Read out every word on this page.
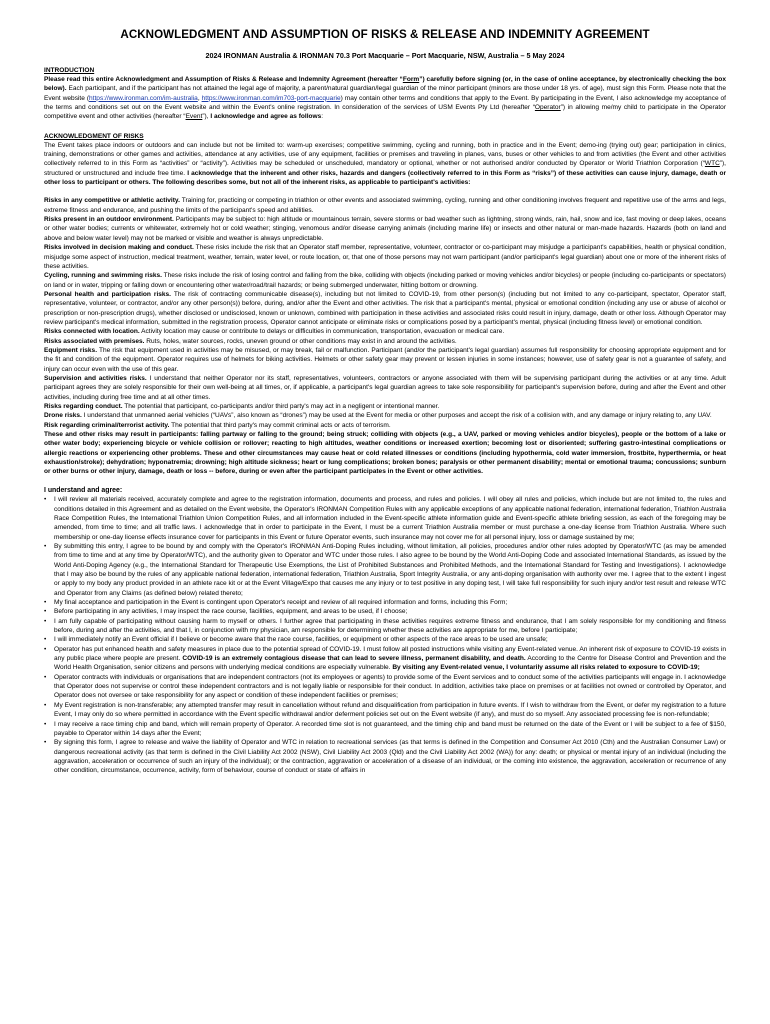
ACKNOWLEDGMENT AND ASSUMPTION OF RISKS & RELEASE AND INDEMNITY AGREEMENT
2024 IRONMAN Australia & IRONMAN 70.3 Port Macquarie – Port Macquarie, NSW, Australia – 5 May 2024
INTRODUCTION

Please read this entire Acknowledgment and Assumption of Risks & Release and Indemnity Agreement (hereafter “Form”) carefully before signing (or, in the case of online acceptance, by electronically checking the box below). Each participant, and if the participant has not attained the legal age of majority, a parent/natural guardian/legal guardian of the minor participant (minors are those under 18 yrs. of age), must sign this Form. Please note that the Event website (https://www.ironman.com/im-australia, https://www.ironman.com/im703-port-macquarie) may contain other terms and conditions that apply to the Event. By participating in the Event, I also acknowledge my acceptance of the terms and conditions set out on the Event website and within the Event's online registration. In consideration of the services of USM Events Pty Ltd (hereafter “Operator”) in allowing me/my child to participate in the Operator competitive event and other activities (hereafter “Event”), I acknowledge and agree as follows:

ACKNOWLEDGMENT OF RISKS

The Event takes place indoors or outdoors and can include but not be limited to: warm-up exercises; competitive swimming, cycling and running, both in practice and in the Event; demo-ing (trying out) gear; participation in clinics, training, demonstrations or other games and activities, attendance at any activities, use of any equipment, facilities or premises and traveling in planes, vans, buses or other vehicles to and from activities (the Event and other activities collectively referred to in this Form as “activities” or “activity”). Activities may be scheduled or unscheduled, mandatory or optional, whether or not authorised and/or conducted by Operator or World Triathlon Corporation (“WTC”), structured or unstructured and include free time. I acknowledge that the inherent and other risks, hazards and dangers (collectively referred to in this Form as “risks”) of these activities can cause injury, damage, death or other loss to participant or others. The following describes some, but not all of the inherent risks, as applicable to participant's activities:

Risks in any competitive or athletic activity. Training for, practicing or competing in triathlon or other events and associated swimming, cycling, running and other conditioning involves frequent and repetitive use of the arms and legs, extreme fitness and endurance, and pushing the limits of the participant's speed and abilities.

Risks present in an outdoor environment. Participants may be subject to: high altitude or mountainous terrain, severe storms or bad weather such as lightning, strong winds, rain, hail, snow and ice, fast moving or deep lakes, oceans or other water bodies; currents or whitewater, extremely hot or cold weather; stinging, venomous and/or disease carrying animals (including marine life) or insects and other natural or man-made hazards. Hazards (both on land and above and below water level) may not be marked or visible and weather is always unpredictable.

Risks involved in decision making and conduct. These risks include the risk that an Operator staff member, representative, volunteer, contractor or co-participant may misjudge a participant's capabilities, health or physical condition, misjudge some aspect of instruction, medical treatment, weather, terrain, water level, or route location, or, that one of those persons may not warn participant (and/or participant's legal guardian) about one or more of the inherent risks of these activities.

Cycling, running and swimming risks. These risks include the risk of losing control and falling from the bike, colliding with objects (including parked or moving vehicles and/or bicycles) or people (including co-participants or spectators) on land or in water, tripping or falling down or encountering other water/road/trail hazards; or being submerged underwater, hitting bottom or drowning.

Personal health and participation risks. The risk of contracting communicable disease(s), including but not limited to COVID-19, from other person(s) (including but not limited to any co-participant, spectator, Operator staff, representative, volunteer, or contractor, and/or any other person(s)) before, during, and/or after the Event and other activities. The risk that a participant's mental, physical or emotional condition (including any use or abuse of alcohol or prescription or non-prescription drugs), whether disclosed or undisclosed, known or unknown, combined with participation in these activities and associated risks could result in injury, damage, death or other loss. Although Operator may review participant's medical information, submitted in the registration process, Operator cannot anticipate or eliminate risks or complications posed by a participant's mental, physical (including fitness level) or emotional condition.

Risks connected with location. Activity location may cause or contribute to delays or difficulties in communication, transportation, evacuation or medical care.

Risks associated with premises. Ruts, holes, water sources, rocks, uneven ground or other conditions may exist in and around the activities.

Equipment risks. The risk that equipment used in activities may be misused, or may break, fail or malfunction. Participant (and/or the participant's legal guardian) assumes full responsibility for choosing appropriate equipment and for the fit and condition of the equipment. Operator requires use of helmets for biking activities. Helmets or other safety gear may prevent or lessen injuries in some instances; however, use of safety gear is not a guarantee of safety, and injury can occur even with the use of this gear.

Supervision and activities risks. I understand that neither Operator nor its staff, representatives, volunteers, contractors or anyone associated with them will be supervising participant during the activities or at any time. Adult participant agrees they are solely responsible for their own well-being at all times, or, if applicable, a participant's legal guardian agrees to take sole responsibility for participant's supervision before, during and after the Event and other activities, including during free time and at all other times.

Risks regarding conduct. The potential that participant, co-participants and/or third party's may act in a negligent or intentional manner.

Drone risks. I understand that unmanned aerial vehicles (“UAVs”, also known as “drones”) may be used at the Event for media or other purposes and accept the risk of a collision with, and any damage or injury relating to, any UAV.

Risk regarding criminal/terrorist activity. The potential that third party's may commit criminal acts or acts of terrorism.

These and other risks may result in participants: falling partway or falling to the ground; being struck; colliding with objects (e.g., a UAV, parked or moving vehicles and/or bicycles), people or the bottom of a lake or other water body; experiencing bicycle or vehicle collision or rollover; reacting to high altitudes, weather conditions or increased exertion; becoming lost or disoriented; suffering gastro-intestinal complications or allergic reactions or experiencing other problems. These and other circumstances may cause heat or cold related illnesses or conditions (including hypothermia, cold water immersion, frostbite, hyperthermia, or heat exhaustion/stroke); dehydration; hyponatremia; drowning; high altitude sickness; heart or lung complications; broken bones; paralysis or other permanent disability; mental or emotional trauma; concussions; sunburn or other burns or other injury, damage, death or loss -- before, during or even after the participant participates in the Event or other activities.

I understand and agree:
• I will review all materials received, accurately complete and agree to the registration information, documents and process, and rules and policies. I will obey all rules and policies, which include but are not limited to, the rules and conditions detailed in this Agreement and as detailed on the Event website, the Operator's IRONMAN Competition Rules with any applicable exceptions of any applicable national federation, international federation, Triathlon Australia Race Competition Rules, the International Triathlon Union Competition Rules, and all information included in the Event-specific athlete information guide and Event-specific athlete briefing session, as each of the foregoing may be amended, from time to time; and all traffic laws. I acknowledge that in order to participate in the Event, I must be a current Triathlon Australia member or must purchase a one-day license from Triathlon Australia. Where such membership or one-day license effects insurance cover for participants in this Event or future Operator events, such insurance may not cover me for all personal injury, loss or damage sustained by me;
• By submitting this entry, I agree to be bound by and comply with the Operator's IRONMAN Anti-Doping Rules including, without limitation, all policies, procedures and/or other rules adopted by Operator/WTC (as may be amended from time to time and at any time by Operator/WTC), and the authority given to Operator and WTC under those rules. I also agree to be bound by the World Anti-Doping Code and associated International Standards, as issued by the World Anti-Doping Agency (e.g., the International Standard for Therapeutic Use Exemptions, the List of Prohibited Substances and Prohibited Methods, and the International Standard for Testing and Investigations). I acknowledge that I may also be bound by the rules of any applicable national federation, international federation, Triathlon Australia, Sport Integrity Australia, or any anti-doping organisation with authority over me. I agree that to the extent I ingest or apply to my body any product provided in an athlete race kit or at the Event Village/Expo that causes me any injury or to test positive in any doping test, I will take full responsibility for such injury and/or test result and release WTC and Operator from any Claims (as defined below) related thereto;
• My final acceptance and participation in the Event is contingent upon Operator's receipt and review of all required information and forms, including this Form;
• Before participating in any activities, I may inspect the race course, facilities, equipment, and areas to be used, if I choose;
• I am fully capable of participating without causing harm to myself or others. I further agree that participating in these activities requires extreme fitness and endurance, that I am solely responsible for my conditioning and fitness before, during and after the activities, and that I, in conjunction with my physician, am responsible for determining whether these activities are appropriate for me, before I participate;
• I will immediately notify an Event official if I believe or become aware that the race course, facilities, or equipment or other aspects of the race areas to be used are unsafe;
• Operator has put enhanced health and safety measures in place due to the potential spread of COVID-19. I must follow all posted instructions while visiting any Event-related venue. An inherent risk of exposure to COVID-19 exists in any public place where people are present. COVID-19 is an extremely contagious disease that can lead to severe illness, permanent disability, and death. According to the Centre for Disease Control and Prevention and the World Health Organisation, senior citizens and persons with underlying medical conditions are especially vulnerable. By visiting any Event-related venue, I voluntarily assume all risks related to exposure to COVID-19;
• Operator contracts with individuals or organisations that are independent contractors (not its employees or agents) to provide some of the Event services and to conduct some of the activities participants will engage in. I acknowledge that Operator does not supervise or control these independent contractors and is not legally liable or responsible for their conduct. In addition, activities take place on premises or at facilities not owned or controlled by Operator, and Operator does not oversee or take responsibility for any aspect or condition of these independent facilities or premises;
• My Event registration is non-transferable; any attempted transfer may result in cancellation without refund and disqualification from participation in future events. If I wish to withdraw from the Event, or defer my registration to a future Event, I may only do so where permitted in accordance with the Event specific withdrawal and/or deferment policies set out on the Event website (if any), and must do so myself. Any associated processing fee is non-refundable;
• I may receive a race timing chip and band, which will remain property of Operator. A recorded time slot is not guaranteed, and the timing chip and band must be returned on the date of the Event or I will be subject to a fee of $150, payable to Operator within 14 days after the Event;
• By signing this form, I agree to release and waive the liability of Operator and WTC in relation to recreational services (as that terms is defined in the Competition and Consumer Act 2010 (Cth) and the Australian Consumer Law) or dangerous recreational activity (as that term is defined in the Civil Liability Act 2002 (NSW), Civil Liability Act 2003 (Qld) and the Civil Liability Act 2002 (WA)) for any: death; or physical or mental injury of an individual (including the aggravation, acceleration or occurrence of such an injury of the individual); or the contraction, aggravation or acceleration of a disease of an individual, or the coming into existence, the aggravation, acceleration or recurrence of any other condition, circumstance, occurrence, activity, form of behaviour, course of conduct or state of affairs in
